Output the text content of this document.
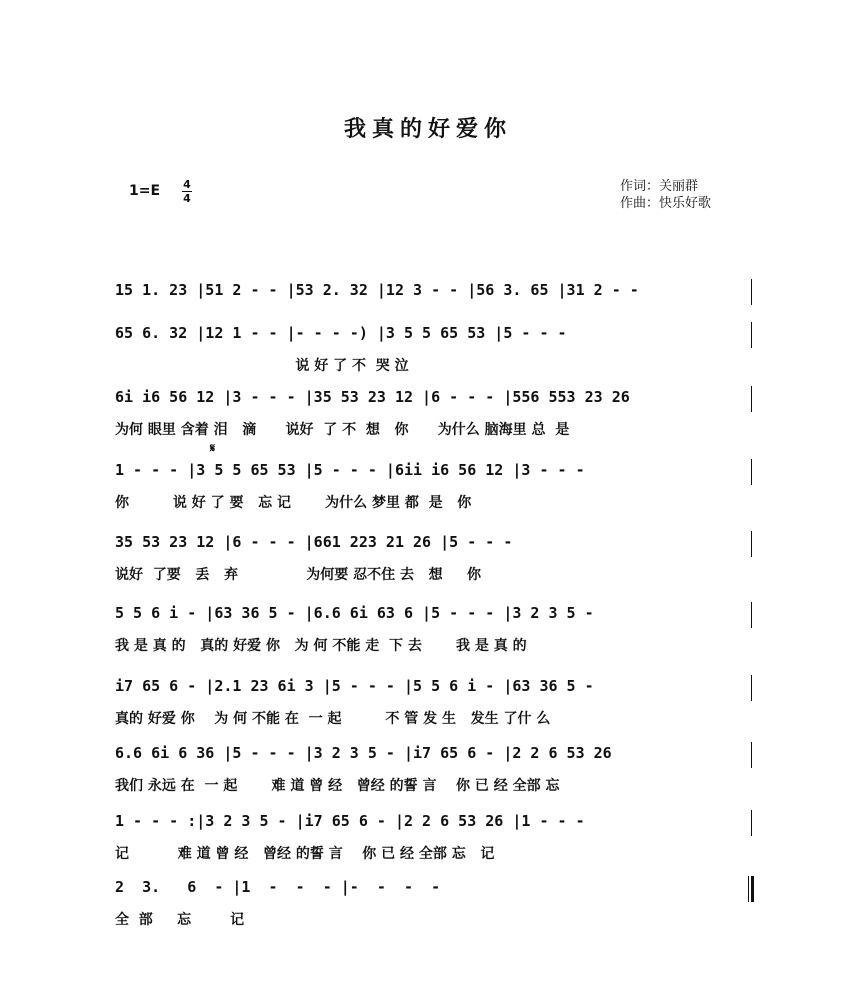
我真的好爱你
1=E 4
4
作词：关丽群
作曲：快乐好歌
15 1. 23 |51 2 - - |53 2. 32 |12 3 - - |56 3. 65 |31 2 - -
65 6. 32 |12 1 - - |- - - -) |3 5 5 65 53 |5 - - -
说 好 了 不  哭 泣
6i i6 56 12 |3 - - - |35 53 23 12 |6 - - - |556 553 23 26
为何 眼里 含着 泪   滴      说好  了 不  想   你      为什么 脑海里 总  是
1 - - - |3 5 5 65 53 |5 - - - |6ii i6 56 12 |3 - - -
你         说 好 了 要   忘 记       为什么 梦里 都  是   你
𝄋
35 53 23 12 |6 - - - |661 223 21 26 |5 - - -
说好  了要   丢   弃              为何要 忍不住 去   想     你
5 5 6 i - |63 36 5 - |6.6 6i 63 6 |5 - - - |3 2 3 5 -
我 是 真 的   真的 好爱 你   为 何 不能 走  下 去       我 是 真 的
i7 65 6 - |2.1 23 6i 3 |5 - - - |5 5 6 i - |63 36 5 -
真的 好爱 你    为 何 不能 在  一 起         不 管 发 生   发生 了什 么
6.6 6i 6 36 |5 - - - |3 2 3 5 - |i7 65 6 - |2 2 6 53 26
我们 永远 在  一 起       难 道 曾 经   曾经 的誓 言    你 已 经 全部 忘
1 - - - :|3 2 3 5 - |i7 65 6 - |2 2 6 53 26 |1 - - -
记          难 道 曾 经   曾经 的誓 言    你 已 经 全部 忘   记
2  3.   6  - |1  -  -  - |-  -  -  -
全  部     忘        记
